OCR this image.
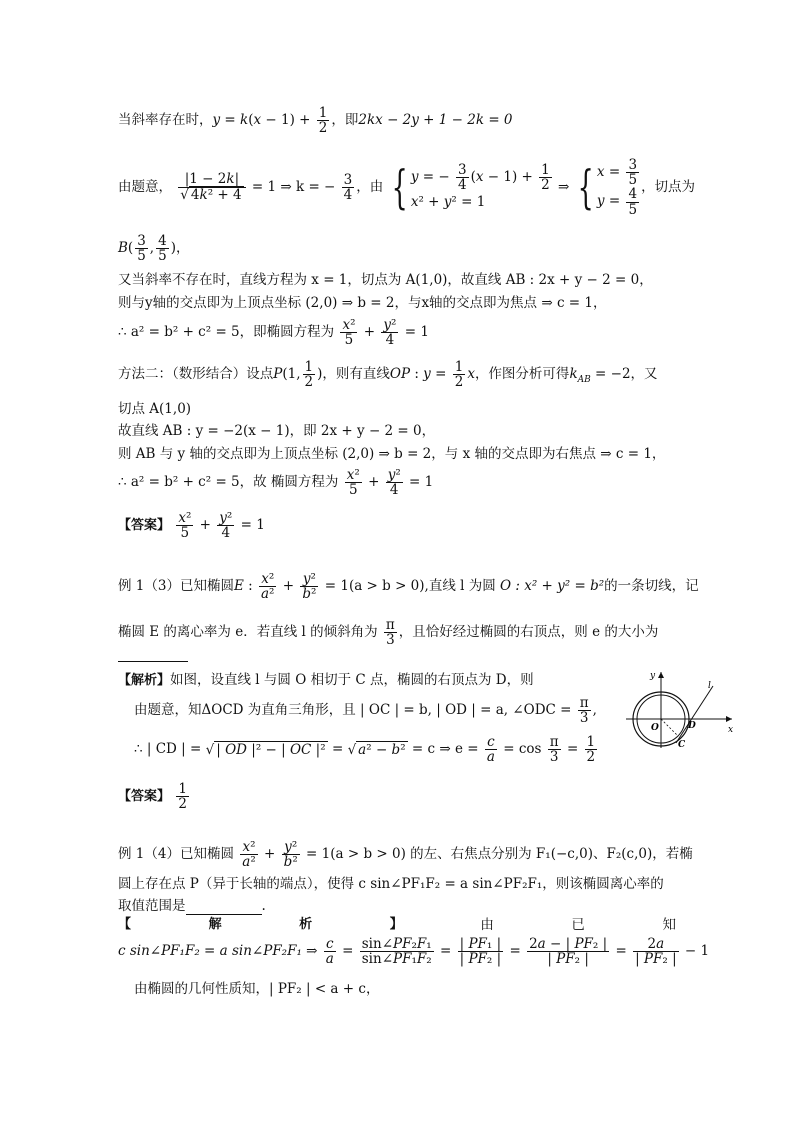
当斜率存在时，$y = k(x - 1) + \frac{1}{2}$ ，即2kx − 2y + 1 − 2k = 0
由题意， $\frac{|1 - 2k|}{\text{√ 4k² + 4}} = 1$ ⇒ k = − $\frac{3}{4}$ ，由 { y = − $\frac{3}{4} (x - 1) + \frac{1}{2}$
x² + y² = 1
⇒ { $x = \frac{3}{5}$
$y = \frac{4}{5}$
，切点为
$B( \frac{3}{5}$ , $\frac{4}{5}$ )，
又当斜率不存在时，直线方程为 x = 1，切点为 A(1,0)，故直线 AB : 2x + y − 2 = 0，
则与y轴的交点即为上顶点坐标 (2,0) ⇒ b = 2，与x轴的交点即为焦点 ⇒ c = 1，
∴ a² = b² + c² = 5，即椭圆方程为 $\frac{\text{x²}}{5} + \frac{\text{y²}}{4} = 1$
方法二：（数形结合）设点P(1, $\frac{1}{2}$ )，则有直线OP : $y = \frac{1}{2}$ x，作图分析可得$k_{AB} = -2$，又
切点 A(1,0)
故直线 AB : y = −2(x − 1)，即 2x + y − 2 = 0，
则 AB 与 y 轴的交点即为上顶点坐标 (2,0) ⇒ b = 2，与 x 轴的交点即为右焦点 ⇒ c = 1，
∴ a² = b² + c² = 5，故 椭圆方程为 $\frac{\text{x²}}{5} + \frac{\text{y²}}{4} = 1$
【答案】 $\frac{\text{x²}}{5} + \frac{\text{y²}}{4} = 1$
例 1（3）已知椭圆E : $\frac{\text{x²}}{\text{a²}} + \frac{\text{y²}}{\text{b²}} = 1(a > b > 0)$,直线 l 为圆 O : x² + y² = b²的一条切线，记
椭圆 E 的离心率为 e．若直线 l 的倾斜角为 $\frac{\pi}{3}$ ，且恰好经过椭圆的右顶点，则 e 的大小为

【解析】如图，设直线 l 与圆 O 相切于 C 点，椭圆的右顶点为 D，则
由题意，知ΔOCD 为直角三角形，且 | OC | = b, | OD | = a, ∠ODC = $\frac{\pi}{3}$ ,
∴ | CD | = √ | OD |² − | OC |² = √ a² − b² = c ⇒ $e = \frac{c}{a} = \cos \frac{\pi}{3} = \frac{1}{2}$
y
x
O	D
C
l
【答案】 $\frac{1}{2}$
例 1（4）已知椭圆 $\frac{\text{x²}}{\text{a²}} + \frac{\text{y²}}{\text{b²}} = 1(a > b > 0)$ 的左、右焦点分别为 F₁(−c,0)、F₂(c,0)，若椭
圆上存在点 P（异于长轴的端点），使得 c sin∠PF₁F₂ = a sin∠PF₂F₁，则该椭圆离心率的
取值范围是	.
【	解	析	】	由	已	知
c sin∠PF₁F₂ = a sin∠PF₂F₁ ⇒ $\frac{c}{a} = \frac{\text{sin∠PF₂F₁}}{\text{sin∠PF₁F₂}} = \frac{\text{| PF₁ |}}{\text{| PF₂ |}} = \frac{\text{2a − | PF₂ |}}{\text{| PF₂ |}} = \frac{2a}{\text{| PF₂ |}} - 1$
由椭圆的几何性质知，| PF₂ | < a + c，
